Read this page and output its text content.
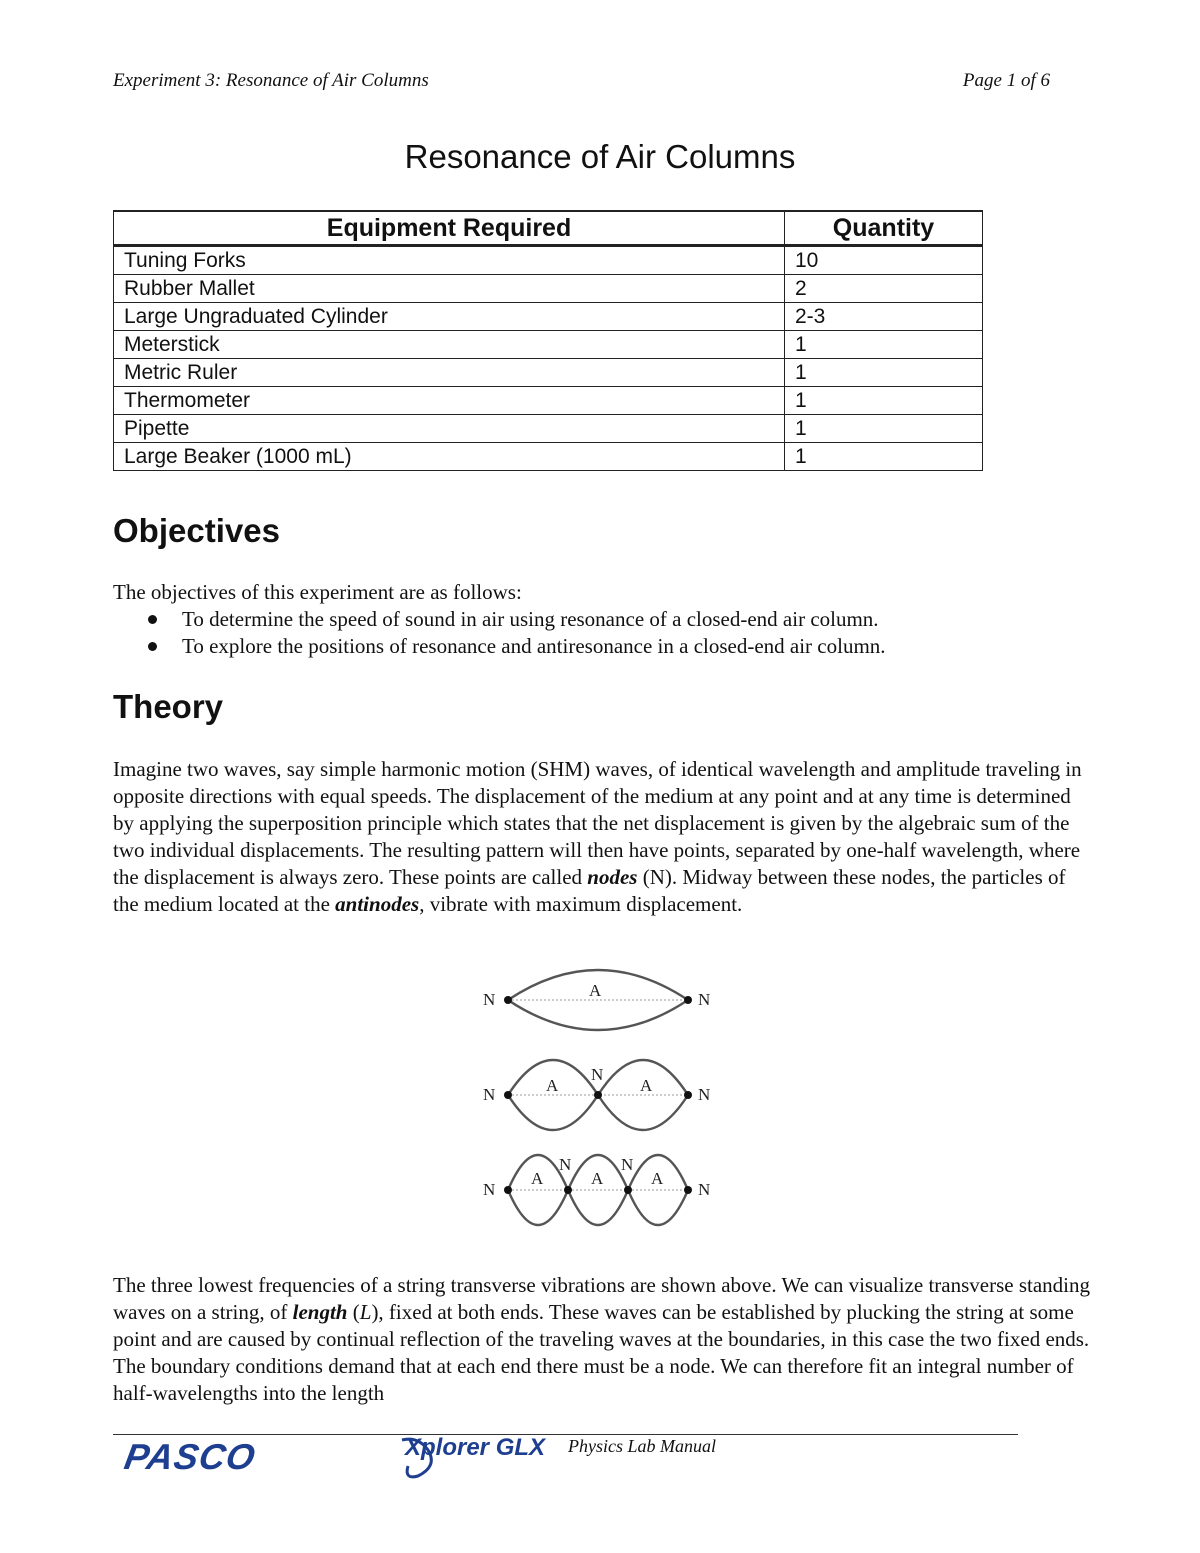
Experiment 3: Resonance of Air Columns	Page 1 of 6
Resonance of Air Columns
Equipment Required	Quantity
Tuning Forks	10
Rubber Mallet	2
Large Ungraduated Cylinder	2-3
Meterstick	1
Metric Ruler	1
Thermometer	1
Pipette	1
Large Beaker (1000 mL)	1
Objectives

The objectives of this experiment are as follows:

To determine the speed of sound in air using resonance of a closed-end air column.
To explore the positions of resonance and antiresonance in a closed-end air column.
Theory

Imagine two waves, say simple harmonic motion (SHM) waves, of identical wavelength and amplitude traveling in opposite directions with equal speeds. The displacement of the medium at any point and at any time is determined by applying the superposition principle which states that the net displacement is given by the algebraic sum of the two individual displacements. The resulting pattern will then have points, separated by one-half wavelength, where the displacement is always zero. These points are called nodes (N). Midway between these nodes, the particles of the medium located at the antinodes, vibrate with maximum displacement.

N	N
A
N
N
N
A	A
N
N	N
N
A	A	A

The three lowest frequencies of a string transverse vibrations are shown above. We can visualize transverse standing waves on a string, of length (L), fixed at both ends. These waves can be established by plucking the string at some point and are caused by continual reflection of the traveling waves at the boundaries, in this case the two fixed ends. The boundary conditions demand that at each end there must be a node. We can therefore fit an integral number of half-wavelengths into the length

PASCO	Xplorer GLX Physics Lab Manual
